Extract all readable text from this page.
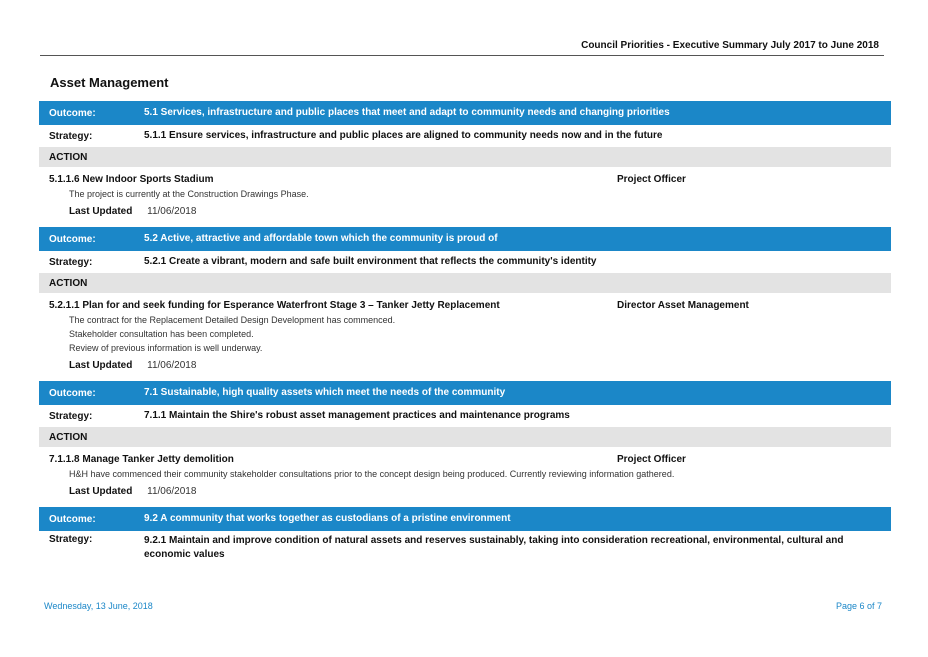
Council Priorities - Executive Summary July 2017 to June 2018
Asset Management
Outcome:	5.1 Services, infrastructure and public places that meet and adapt to community needs and changing priorities
Strategy:	5.1.1 Ensure services, infrastructure and public places are aligned to community needs now and in the future
ACTION
5.1.1.6 New Indoor Sports Stadium	Project Officer
The project is currently at the Construction Drawings Phase.
Last Updated 11/06/2018
Outcome:	5.2 Active, attractive and affordable town which the community is proud of
Strategy:	5.2.1 Create a vibrant, modern and safe built environment that reflects the community's identity
ACTION
5.2.1.1 Plan for and seek funding for Esperance Waterfront Stage 3 – Tanker Jetty Replacement	Director Asset Management
The contract for the Replacement Detailed Design Development has commenced.
Stakeholder consultation has been completed.
Review of previous information is well underway.
Last Updated 11/06/2018
Outcome:	7.1 Sustainable, high quality assets which meet the needs of the community
Strategy:	7.1.1 Maintain the Shire's robust asset management practices and maintenance programs
ACTION
7.1.1.8 Manage Tanker Jetty demolition	Project Officer
H&H have commenced their community stakeholder consultations prior to the concept design being produced. Currently reviewing information gathered.
Last Updated 11/06/2018
Outcome:	9.2 A community that works together as custodians of a pristine environment
Strategy:	9.2.1 Maintain and improve condition of natural assets and reserves sustainably, taking into consideration recreational, environmental, cultural and economic values
Wednesday, 13 June, 2018	Page 6 of 7
